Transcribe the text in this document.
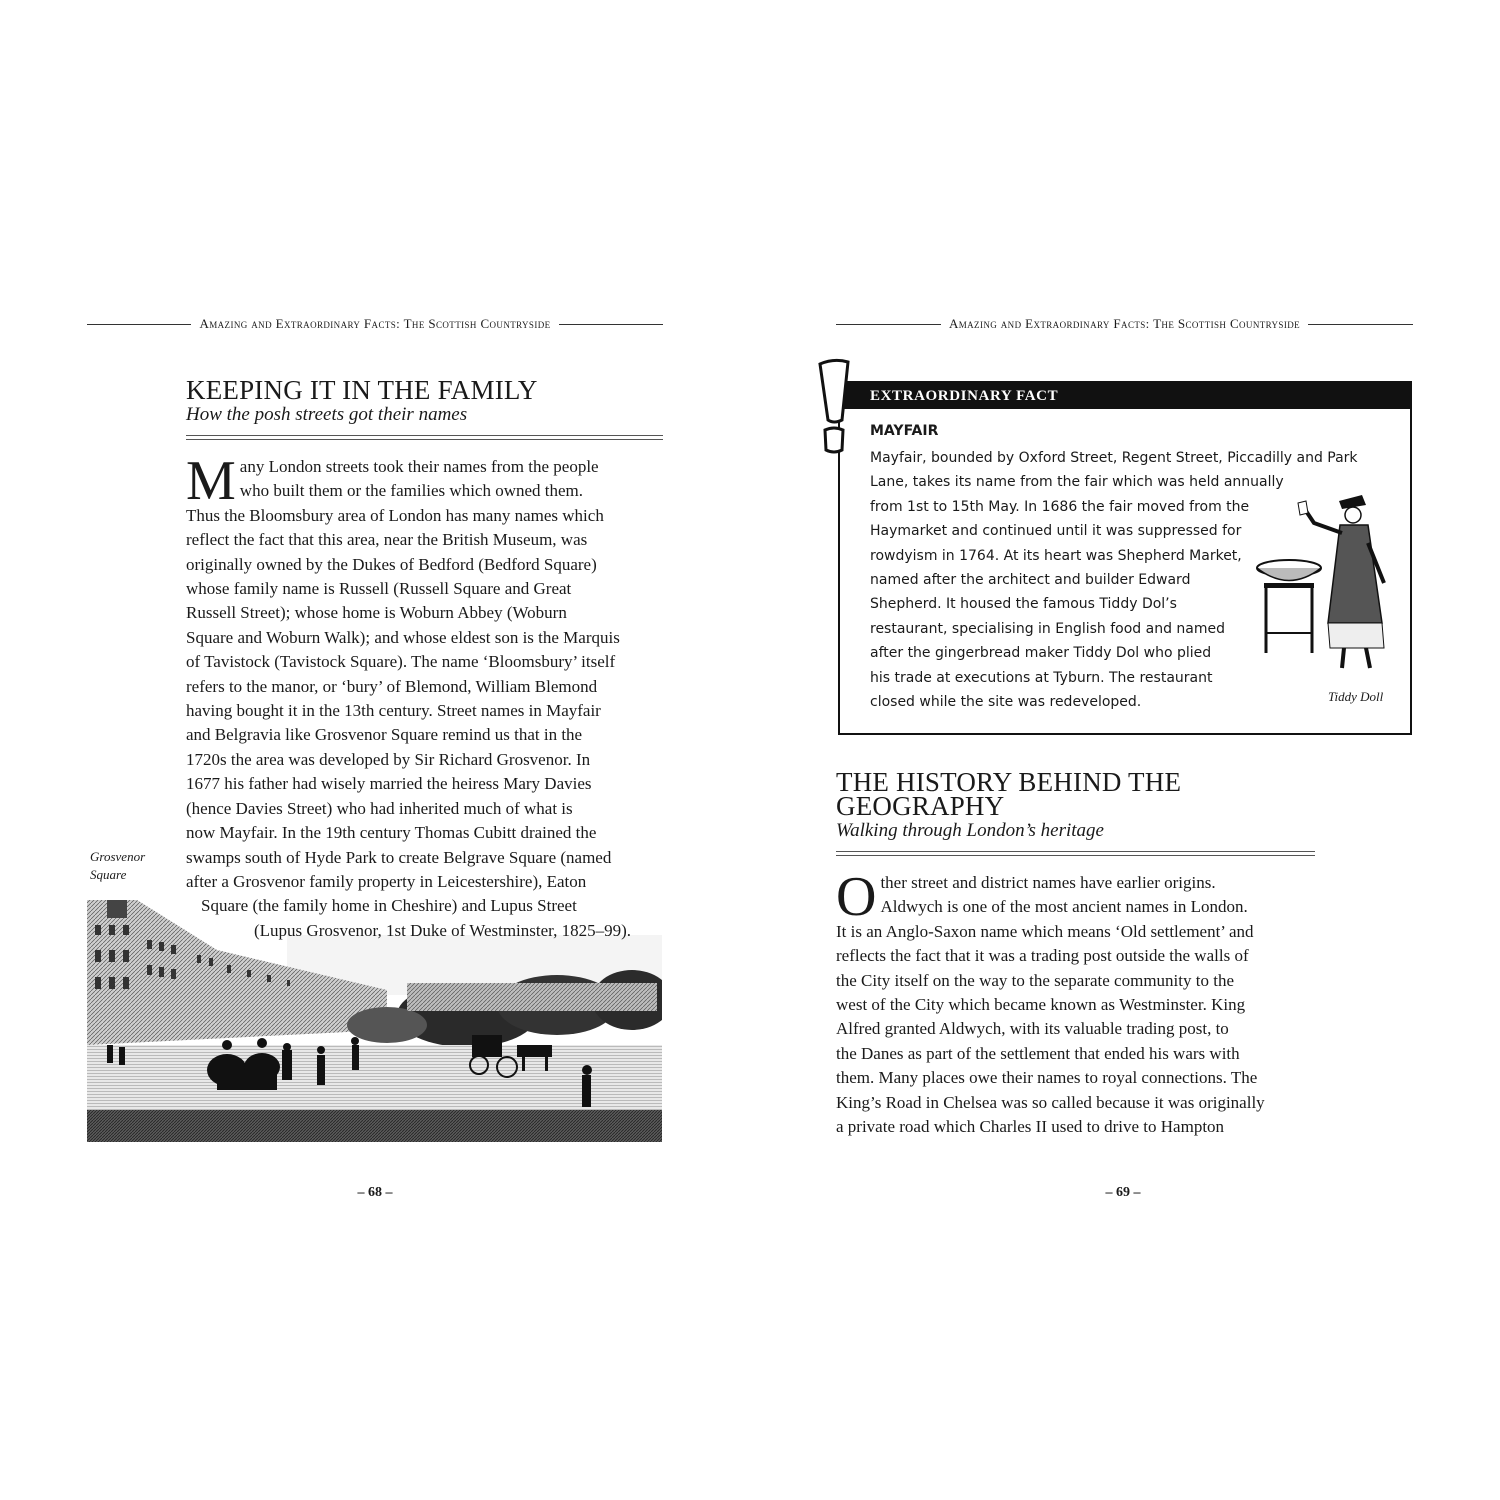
Amazing and Extraordinary Facts: The Scottish Countryside
KEEPING IT IN THE FAMILY
How the posh streets got their names
M any London streets took their names from the people
who built them or the families which owned them.
Thus the Bloomsbury area of London has many names which
reflect the fact that this area, near the British Museum, was
originally owned by the Dukes of Bedford (Bedford Square)
whose family name is Russell (Russell Square and Great
Russell Street); whose home is Woburn Abbey (Woburn
Square and Woburn Walk); and whose eldest son is the Marquis
of Tavistock (Tavistock Square). The name ‘Bloomsbury’ itself
refers to the manor, or ‘bury’ of Blemond, William Blemond
having bought it in the 13th century. Street names in Mayfair
and Belgravia like Grosvenor Square remind us that in the
1720s the area was developed by Sir Richard Grosvenor. In
1677 his father had wisely married the heiress Mary Davies
(hence Davies Street) who had inherited much of what is
now Mayfair. In the 19th century Thomas Cubitt drained the
swamps south of Hyde Park to create Belgrave Square (named
after a Grosvenor family property in Leicestershire), Eaton
Square (the family home in Cheshire) and Lupus Street
(Lupus Grosvenor, 1st Duke of Westminster, 1825–99).
Grosvenor
Square
– 68 –
Amazing and Extraordinary Facts: The Scottish Countryside
EXTRAORDINARY FACT
MAYFAIR
Mayfair, bounded by Oxford Street, Regent Street, Piccadilly and Park
Lane, takes its name from the fair which was held annually
from 1st to 15th May. In 1686 the fair moved from the
Haymarket and continued until it was suppressed for
rowdyism in 1764. At its heart was Shepherd Market,
named after the architect and builder Edward
Shepherd. It housed the famous Tiddy Dol’s
restaurant, specialising in English food and named
after the gingerbread maker Tiddy Dol who plied
his trade at executions at Tyburn. The restaurant
closed while the site was redeveloped.	Tiddy Doll
THE HISTORY BEHIND THE
GEOGRAPHY
Walking through London’s heritage
O ther street and district names have earlier origins.
Aldwych is one of the most ancient names in London.
It is an Anglo-Saxon name which means ‘Old settlement’ and
reflects the fact that it was a trading post outside the walls of
the City itself on the way to the separate community to the
west of the City which became known as Westminster. King
Alfred granted Aldwych, with its valuable trading post, to
the Danes as part of the settlement that ended his wars with
them. Many places owe their names to royal connections. The
King’s Road in Chelsea was so called because it was originally
a private road which Charles II used to drive to Hampton
– 69 –
